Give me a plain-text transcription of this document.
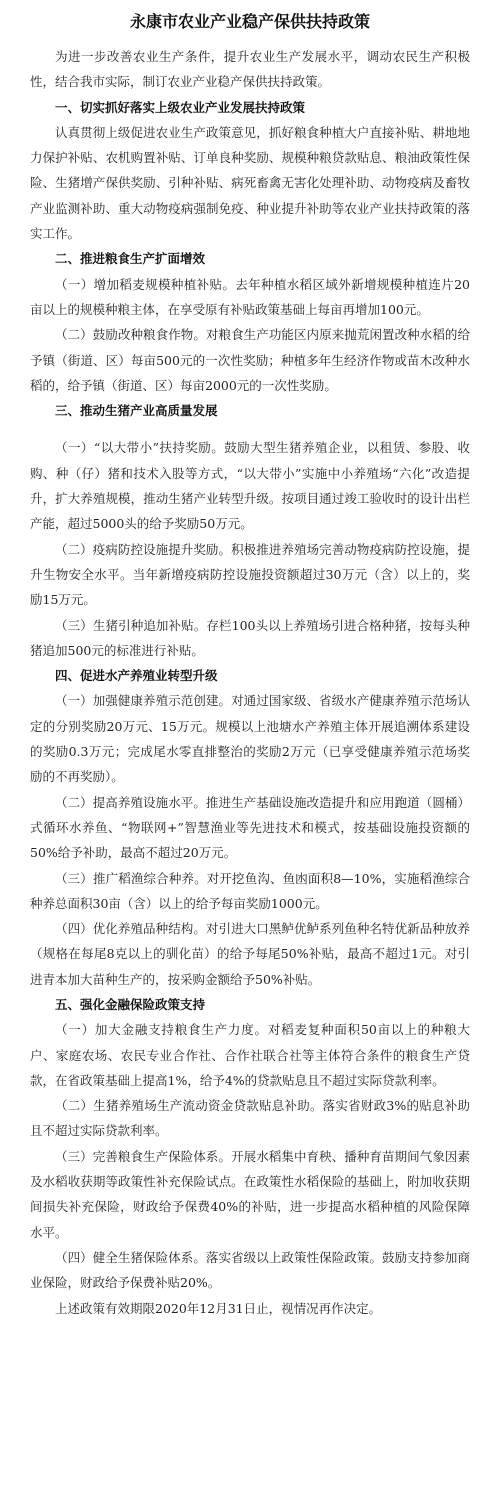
永康市农业产业稳产保供扶持政策

为进一步改善农业生产条件，提升农业生产发展水平，调动农民生产积极性，结合我市实际，制订农业产业稳产保供扶持政策。

一、切实抓好落实上级农业产业发展扶持政策

认真贯彻上级促进农业生产政策意见，抓好粮食种植大户直接补贴、耕地地力保护补贴、农机购置补贴、订单良种奖励、规模种粮贷款贴息、粮油政策性保险、生猪增产保供奖励、引种补贴、病死畜禽无害化处理补助、动物疫病及畜牧产业监测补助、重大动物疫病强制免疫、种业提升补助等农业产业扶持政策的落实工作。

二、推进粮食生产扩面增效

（一）增加稻麦规模种植补贴。去年种植水稻区域外新增规模种植连片20亩以上的规模种粮主体，在享受原有补贴政策基础上每亩再增加100元。

（二）鼓励改种粮食作物。对粮食生产功能区内原来抛荒闲置改种水稻的给予镇（街道、区）每亩500元的一次性奖励；种植多年生经济作物或苗木改种水稻的，给予镇（街道、区）每亩2000元的一次性奖励。

三、推动生猪产业高质量发展

（一）“以大带小”扶持奖励。鼓励大型生猪养殖企业，以租赁、参股、收购、种（仔）猪和技术入股等方式，“以大带小”实施中小养殖场“六化”改造提升，扩大养殖规模，推动生猪产业转型升级。按项目通过竣工验收时的设计出栏产能，超过5000头的给予奖励50万元。

（二）疫病防控设施提升奖励。积极推进养殖场完善动物疫病防控设施，提升生物安全水平。当年新增疫病防控设施投资额超过30万元（含）以上的，奖励15万元。

（三）生猪引种追加补贴。存栏100头以上养殖场引进合格种猪，按每头种猪追加500元的标准进行补贴。

四、促进水产养殖业转型升级

（一）加强健康养殖示范创建。对通过国家级、省级水产健康养殖示范场认定的分别奖励20万元、15万元。规模以上池塘水产养殖主体开展追溯体系建设的奖励0.3万元；完成尾水零直排整治的奖励2万元（已享受健康养殖示范场奖励的不再奖励）。

（二）提高养殖设施水平。推进生产基础设施改造提升和应用跑道（圆桶）式循环水养鱼、“物联网+”智慧渔业等先进技术和模式，按基础设施投资额的50%给予补助，最高不超过20万元。

（三）推广稻渔综合种养。对开挖鱼沟、鱼凼面积8—10%，实施稻渔综合种养总面积30亩（含）以上的给予每亩奖励1000元。

（四）优化养殖品种结构。对引进大口黑鲈优鲈系列鱼种名特优新品种放养（规格在每尾8克以上的驯化苗）的给予每尾50%补贴，最高不超过1元。对引进青本加大苗种生产的，按采购金额给予50%补贴。

五、强化金融保险政策支持

（一）加大金融支持粮食生产力度。对稻麦复种面积50亩以上的种粮大户、家庭农场、农民专业合作社、合作社联合社等主体符合条件的粮食生产贷款，在省政策基础上提高1%，给予4%的贷款贴息且不超过实际贷款利率。

（二）生猪养殖场生产流动资金贷款贴息补助。落实省财政3%的贴息补助且不超过实际贷款利率。

（三）完善粮食生产保险体系。开展水稻集中育秧、播种育苗期间气象因素及水稻收获期等政策性补充保险试点。在政策性水稻保险的基础上，附加收获期间损失补充保险，财政给予保费40%的补贴，进一步提高水稻种植的风险保障水平。

（四）健全生猪保险体系。落实省级以上政策性保险政策。鼓励支持参加商业保险，财政给予保费补贴20%。

上述政策有效期限2020年12月31日止，视情况再作决定。
